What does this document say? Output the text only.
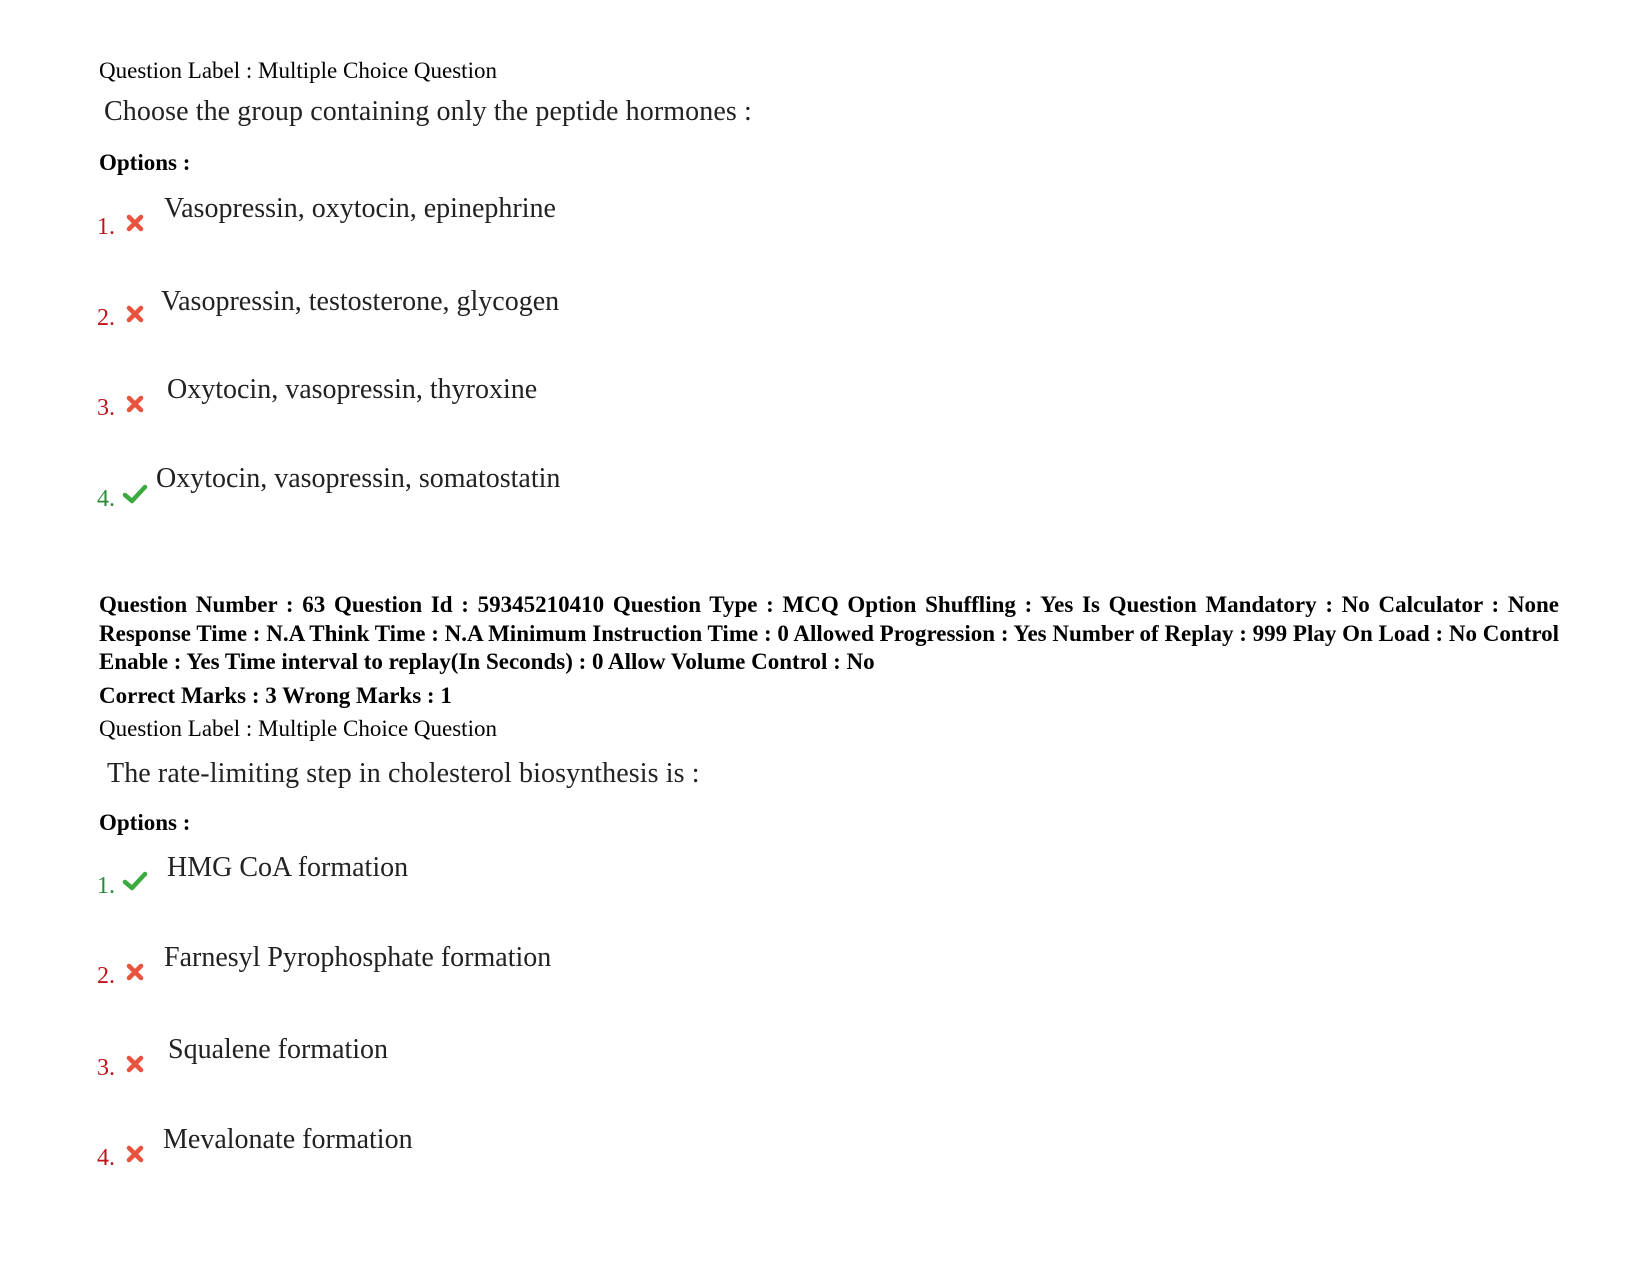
Question Label : Multiple Choice Question
Choose the group containing only the peptide hormones :
Options :
1.
Vasopressin, oxytocin, epinephrine
2.
Vasopressin, testosterone, glycogen
3.
Oxytocin, vasopressin, thyroxine
4.
Oxytocin, vasopressin, somatostatin
Question Number : 63 Question Id : 59345210410 Question Type : MCQ Option Shuffling : Yes Is Question Mandatory : No Calculator : None Response Time : N.A Think Time : N.A Minimum Instruction Time : 0 Allowed Progression : Yes Number of Replay : 999 Play On Load : No Control Enable : Yes Time interval to replay(In Seconds) : 0 Allow Volume Control : No
Correct Marks : 3 Wrong Marks : 1
Question Label : Multiple Choice Question
The rate-limiting step in cholesterol biosynthesis is :
Options :
1.
HMG CoA formation
2.
Farnesyl Pyrophosphate formation
3.
Squalene formation
4.
Mevalonate formation
